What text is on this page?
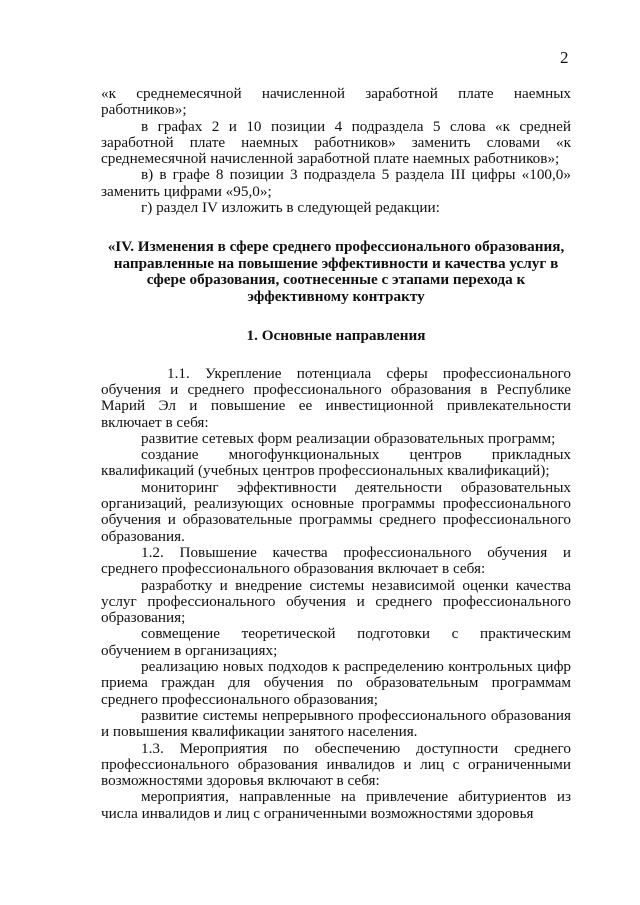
2

«к среднемесячной начисленной заработной плате наемных работников»;

в графах 2 и 10 позиции 4 подраздела 5 слова «к средней заработной плате наемных работников» заменить словами «к среднемесячной начисленной заработной плате наемных работников»;

в) в графе 8 позиции 3 подраздела 5 раздела III цифры «100,0» заменить цифрами «95,0»;

г) раздел IV изложить в следующей редакции:

«IV. Изменения в сфере среднего профессионального образования, направленные на повышение эффективности и качества услуг в сфере образования, соотнесенные с этапами перехода к эффективному контракту
1. Основные направления

1.1. Укрепление потенциала сферы профессионального обучения и среднего профессионального образования в Республике Марий Эл и повышение ее инвестиционной привлекательности включает в себя:

развитие сетевых форм реализации образовательных программ;

создание многофункциональных центров прикладных квалификаций (учебных центров профессиональных квалификаций);

мониторинг эффективности деятельности образовательных организаций, реализующих основные программы профессионального обучения и образовательные программы среднего профессионального образования.

1.2. Повышение качества профессионального обучения и среднего профессионального образования включает в себя:

разработку и внедрение системы независимой оценки качества услуг профессионального обучения и среднего профессионального образования;

совмещение теоретической подготовки с практическим обучением в организациях;

реализацию новых подходов к распределению контрольных цифр приема граждан для обучения по образовательным программам среднего профессионального образования;

развитие системы непрерывного профессионального образования и повышения квалификации занятого населения.

1.3. Мероприятия по обеспечению доступности среднего профессионального образования инвалидов и лиц с ограниченными возможностями здоровья включают в себя:

мероприятия, направленные на привлечение абитуриентов из числа инвалидов и лиц с ограниченными возможностями здоровья
